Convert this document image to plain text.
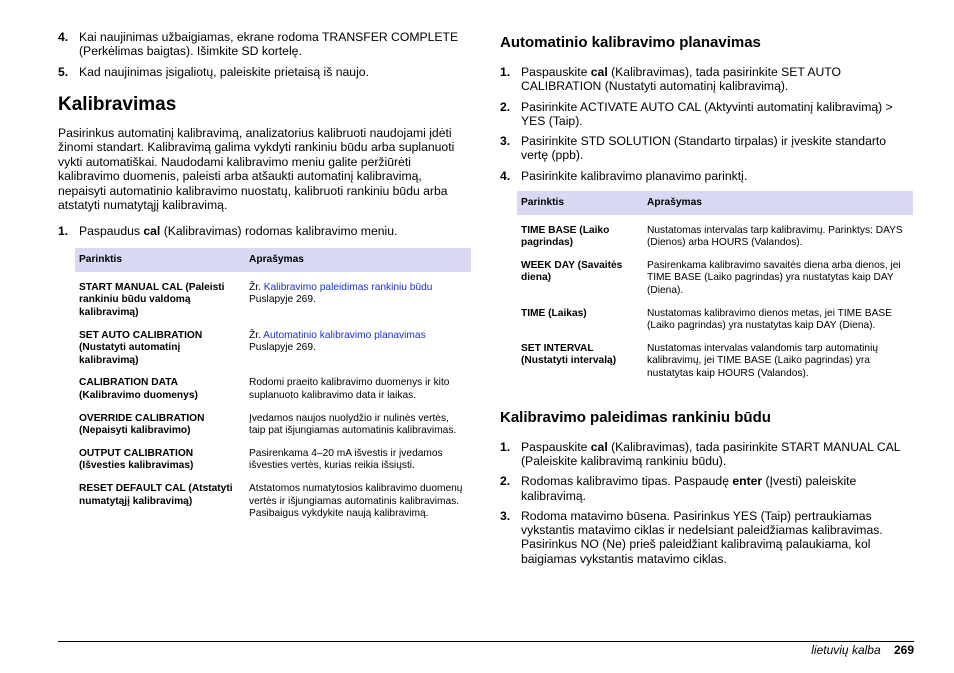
4. Kai naujinimas užbaigiamas, ekrane rodoma TRANSFER COMPLETE (Perkėlimas baigtas). Išimkite SD kortelę.
5. Kad naujinimas įsigaliotų, paleiskite prietaisą iš naujo.
Kalibravimas

Pasirinkus automatinį kalibravimą, analizatorius kalibruoti naudojami įdėti žinomi standart. Kalibravimą galima vykdyti rankiniu būdu arba suplanuoti vykti automatiškai. Naudodami kalibravimo meniu galite peržiūrėti kalibravimo duomenis, paleisti arba atšaukti automatinį kalibravimą, nepaisyti automatinio kalibravimo nuostatų, kalibruoti rankiniu būdu arba atstatyti numatytąjį kalibravimą.

1. Paspaudus cal (Kalibravimas) rodomas kalibravimo meniu.
Parinktis	Aprašymas
START MANUAL CAL (Paleisti rankiniu būdu valdomą kalibravimą)	Žr. Kalibravimo paleidimas rankiniu būdu Puslapyje 269.
SET AUTO CALIBRATION (Nustatyti automatinį kalibravimą)	Žr. Automatinio kalibravimo planavimas Puslapyje 269.
CALIBRATION DATA (Kalibravimo duomenys)	Rodomi praeito kalibravimo duomenys ir kito suplanuoto kalibravimo data ir laikas.
OVERRIDE CALIBRATION (Nepaisyti kalibravimo)	Įvedamos naujos nuolydžio ir nulinės vertės, taip pat išjungiamas automatinis kalibravimas.
OUTPUT CALIBRATION (Išvesties kalibravimas)	Pasirenkama 4–20 mA išvestis ir įvedamos išvesties vertės, kurias reikia išsiųsti.
RESET DEFAULT CAL (Atstatyti numatytąjį kalibravimą)	Atstatomos numatytosios kalibravimo duomenų vertės ir išjungiamas automatinis kalibravimas. Pasibaigus vykdykite naują kalibravimą.
Automatinio kalibravimo planavimas
1. Paspauskite cal (Kalibravimas), tada pasirinkite SET AUTO CALIBRATION (Nustatyti automatinį kalibravimą).
2. Pasirinkite ACTIVATE AUTO CAL (Aktyvinti automatinį kalibravimą) > YES (Taip).
3. Pasirinkite STD SOLUTION (Standarto tirpalas) ir įveskite standarto vertę (ppb).
4. Pasirinkite kalibravimo planavimo parinktį.
Parinktis	Aprašymas
TIME BASE (Laiko pagrindas)	Nustatomas intervalas tarp kalibravimų. Parinktys: DAYS (Dienos) arba HOURS (Valandos).
WEEK DAY (Savaitės diena)	Pasirenkama kalibravimo savaitės diena arba dienos, jei TIME BASE (Laiko pagrindas) yra nustatytas kaip DAY (Diena).
TIME (Laikas)	Nustatomas kalibravimo dienos metas, jei TIME BASE (Laiko pagrindas) yra nustatytas kaip DAY (Diena).
SET INTERVAL (Nustatyti intervalą)	Nustatomas intervalas valandomis tarp automatinių kalibravimų, jei TIME BASE (Laiko pagrindas) yra nustatytas kaip HOURS (Valandos).
Kalibravimo paleidimas rankiniu būdu
1. Paspauskite cal (Kalibravimas), tada pasirinkite START MANUAL CAL (Paleiskite kalibravimą rankiniu būdu).
2. Rodomas kalibravimo tipas. Paspaudę enter (Įvesti) paleiskite kalibravimą.
3. Rodoma matavimo būsena. Pasirinkus YES (Taip) pertraukiamas vykstantis matavimo ciklas ir nedelsiant paleidžiamas kalibravimas. Pasirinkus NO (Ne) prieš paleidžiant kalibravimą palaukiama, kol baigiamas vykstantis matavimo ciklas.
lietuvių kalba 269
